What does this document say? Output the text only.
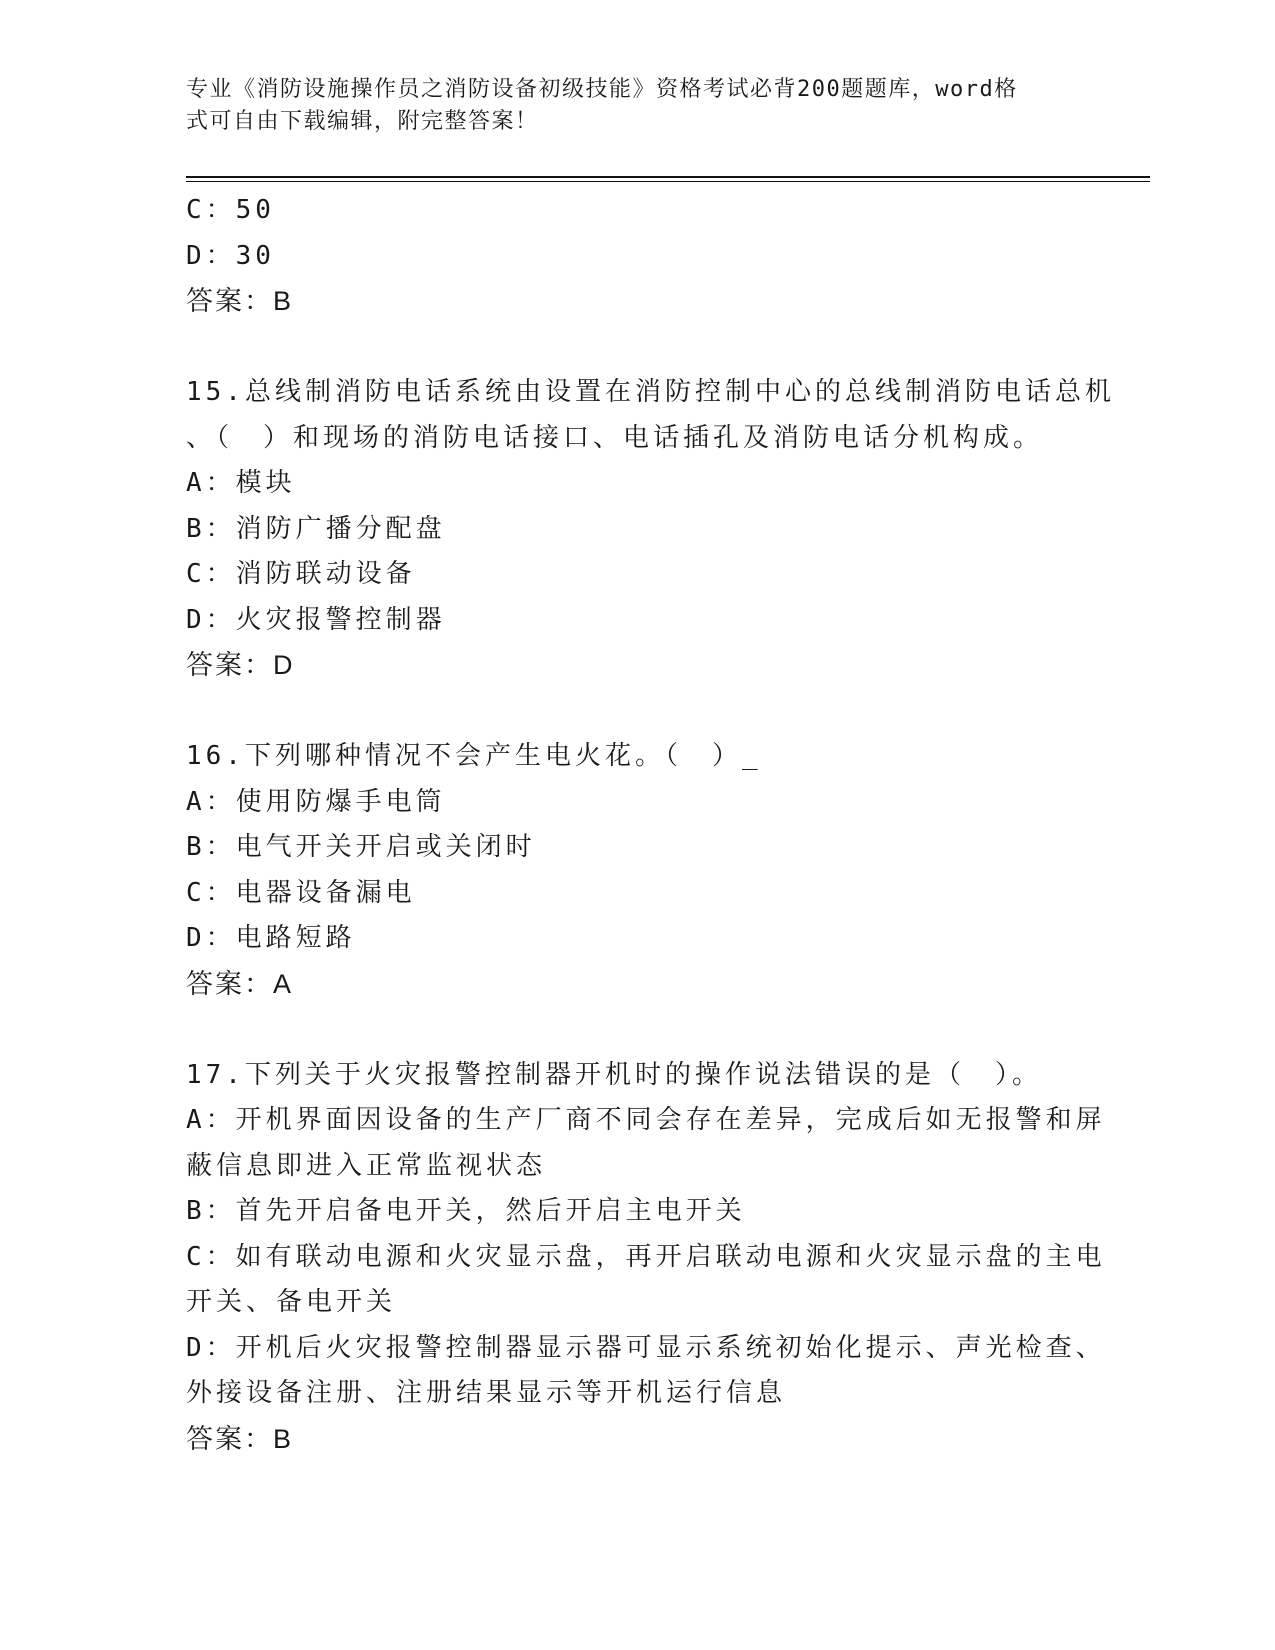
专业《消防设施操作员之消防设备初级技能》资格考试必背200题题库，word格
式可自由下载编辑，附完整答案！
C：50
D：30
答案：B
15.总线制消防电话系统由设置在消防控制中心的总线制消防电话总机
、（　）和现场的消防电话接口、电话插孔及消防电话分机构成。
A：模块
B：消防广播分配盘
C：消防联动设备
D：火灾报警控制器
答案：D
16.下列哪种情况不会产生电火花。（　）_
A：使用防爆手电筒
B：电气开关开启或关闭时
C：电器设备漏电
D：电路短路
答案：A
17.下列关于火灾报警控制器开机时的操作说法错误的是（　）。
A：开机界面因设备的生产厂商不同会存在差异，完成后如无报警和屏
蔽信息即进入正常监视状态
B：首先开启备电开关，然后开启主电开关
C：如有联动电源和火灾显示盘，再开启联动电源和火灾显示盘的主电
开关、备电开关
D：开机后火灾报警控制器显示器可显示系统初始化提示、声光检查、
外接设备注册、注册结果显示等开机运行信息
答案：B
